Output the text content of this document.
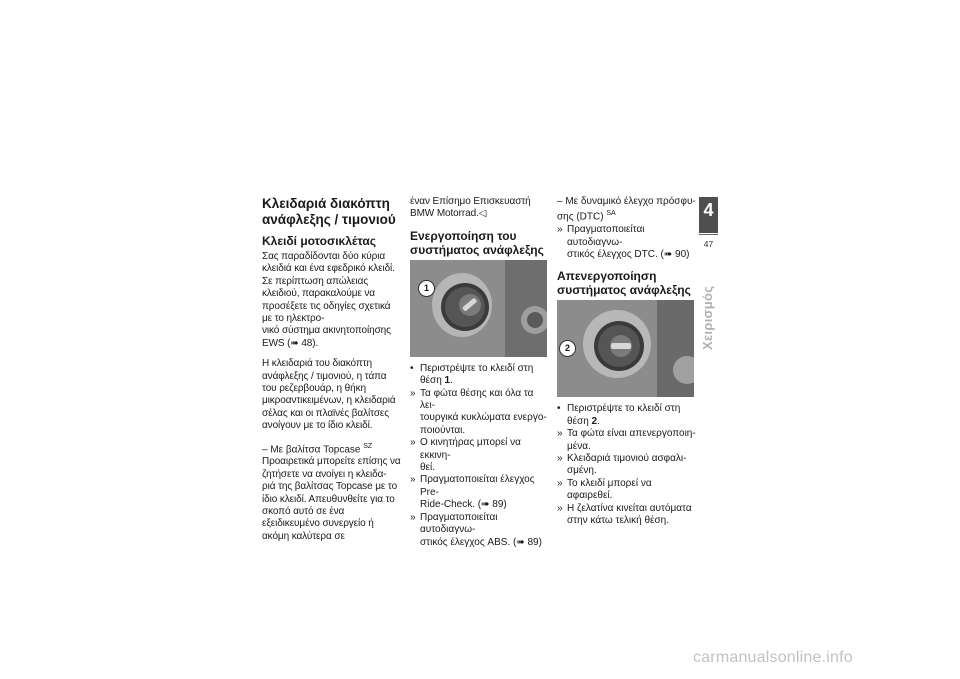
Κλειδαριά διακόπτη ανάφλεξης / τιμονιού
Κλειδί μοτοσικλέτας

Σας παραδίδονται δύο κύρια κλειδιά και ένα εφεδρικό κλειδί. Σε περίπτωση απώλειας κλειδιού, παρακαλούμε να προσέξετε τις οδηγίες σχετικά με το ηλεκτρο-
νικό σύστημα ακινητοποίησης EWS (➠ 48).

Η κλειδαριά του διακόπτη ανάφλεξης / τιμονιού, η τάπα του ρεζερβουάρ, η θήκη μικροαντικειμένων, η κλειδαριά σέλας και οι πλαϊνές βαλίτσες ανοίγουν με το ίδιο κλειδί.

– Με βαλίτσα Topcase $^{SZ}$

Προαιρετικά μπορείτε επίσης να ζητήσετε να ανοίγει η κλειδα-
ριά της βαλίτσας Topcase με το ίδιο κλειδί. Απευθυνθείτε για το σκοπό αυτό σε ένα εξειδικευμένο συνεργείο ή ακόμη καλύτερα σε

έναν Επίσημο Επισκευαστή BMW Motorrad.◁

Ενεργοποίηση του συστήματος ανάφλεξης
1
• Περιστρέψτε το κλειδί στη
θέση 1.
» Τα φώτα θέσης και όλα τα λει-
τουργικά κυκλώματα ενεργο-
ποιούνται.
» Ο κινητήρας μπορεί να εκκινη-
θεί.
» Πραγματοποιείται έλεγχος Pre-
Ride-Check. (➠ 89)
» Πραγματοποιείται αυτοδιαγνω-
στικός έλεγχος ABS. (➠ 89)

– Με δυναμικό έλεγχο πρόσφυ-
σης (DTC) $^{SA}$

» Πραγματοποιείται αυτοδιαγνω-
στικός έλεγχος DTC. (➠ 90)
Απενεργοποίηση συστήματος ανάφλεξης
2
• Περιστρέψτε το κλειδί στη
θέση 2.
» Τα φώτα είναι απενεργοποιη-
μένα.
» Κλειδαριά τιμονιού ασφαλι-
σμένη.
» Το κλειδί μπορεί να αφαιρεθεί.
» Η ζελατίνα κινείται αυτόματα
στην κάτω τελική θέση.
4
47
Χειρισμός
carmanualsonline.info
